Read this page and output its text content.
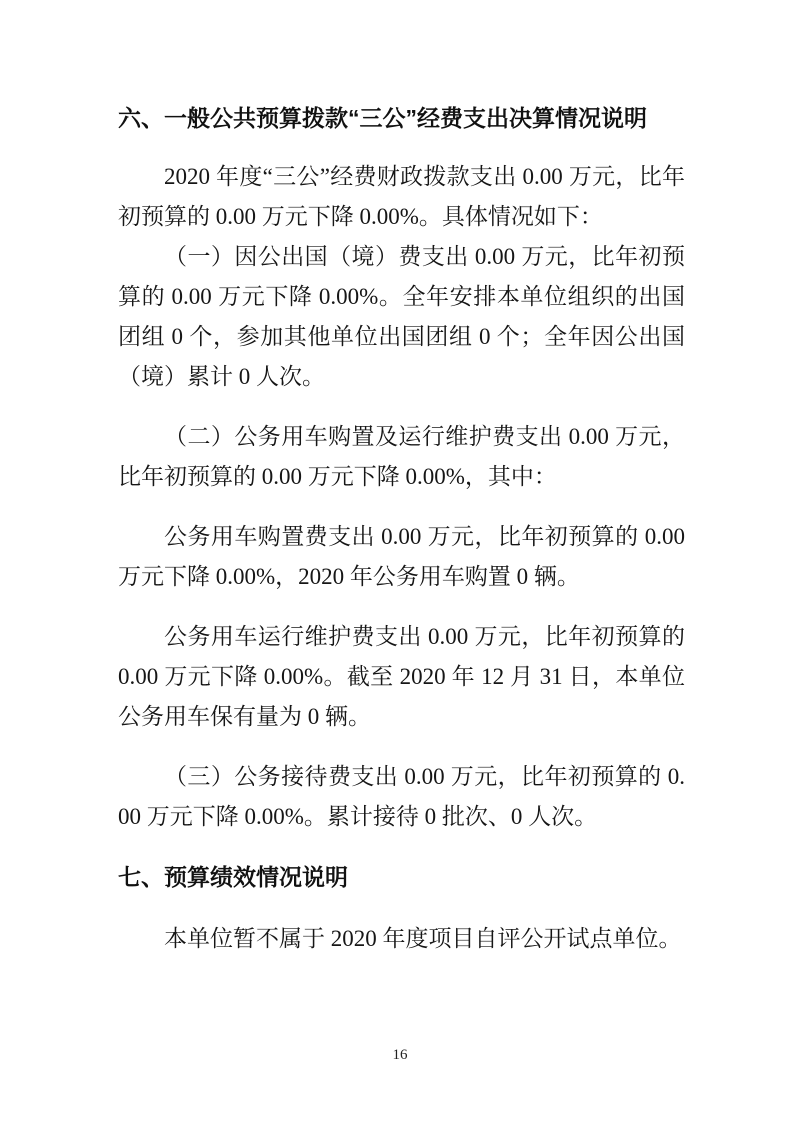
六、一般公共预算拨款“三公”经费支出决算情况说明

2020 年度“三公”经费财政拨款支出 0.00 万元，比年初预算的 0.00 万元下降 0.00%。具体情况如下：

（一）因公出国（境）费支出 0.00 万元，比年初预算的 0.00 万元下降 0.00%。全年安排本单位组织的出国团组 0 个，参加其他单位出国团组 0 个；全年因公出国（境）累计 0 人次。

（二）公务用车购置及运行维护费支出 0.00 万元，比年初预算的 0.00 万元下降 0.00%，其中：

公务用车购置费支出 0.00 万元，比年初预算的 0.00 万元下降 0.00%，2020 年公务用车购置 0 辆。

公务用车运行维护费支出 0.00 万元，比年初预算的 0.00 万元下降 0.00%。截至 2020 年 12 月 31 日，本单位公务用车保有量为 0 辆。

（三）公务接待费支出 0.00 万元，比年初预算的 0.00 万元下降 0.00%。累计接待 0 批次、0 人次。

七、预算绩效情况说明

本单位暂不属于 2020 年度项目自评公开试点单位。

16
